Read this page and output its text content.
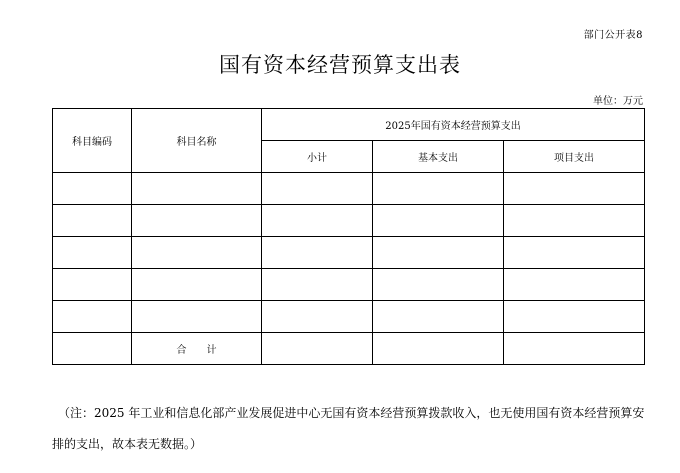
部门公开表8
国有资本经营预算支出表
单位：万元
科目编码	科目名称	2025年国有资本经营预算支出		
		小计	基本支出	项目支出

	合　　计			
（注：2025 年工业和信息化部产业发展促进中心无国有资本经营预算拨款收入，也无使用国有资本经营预算安排的支出，故本表无数据。）
